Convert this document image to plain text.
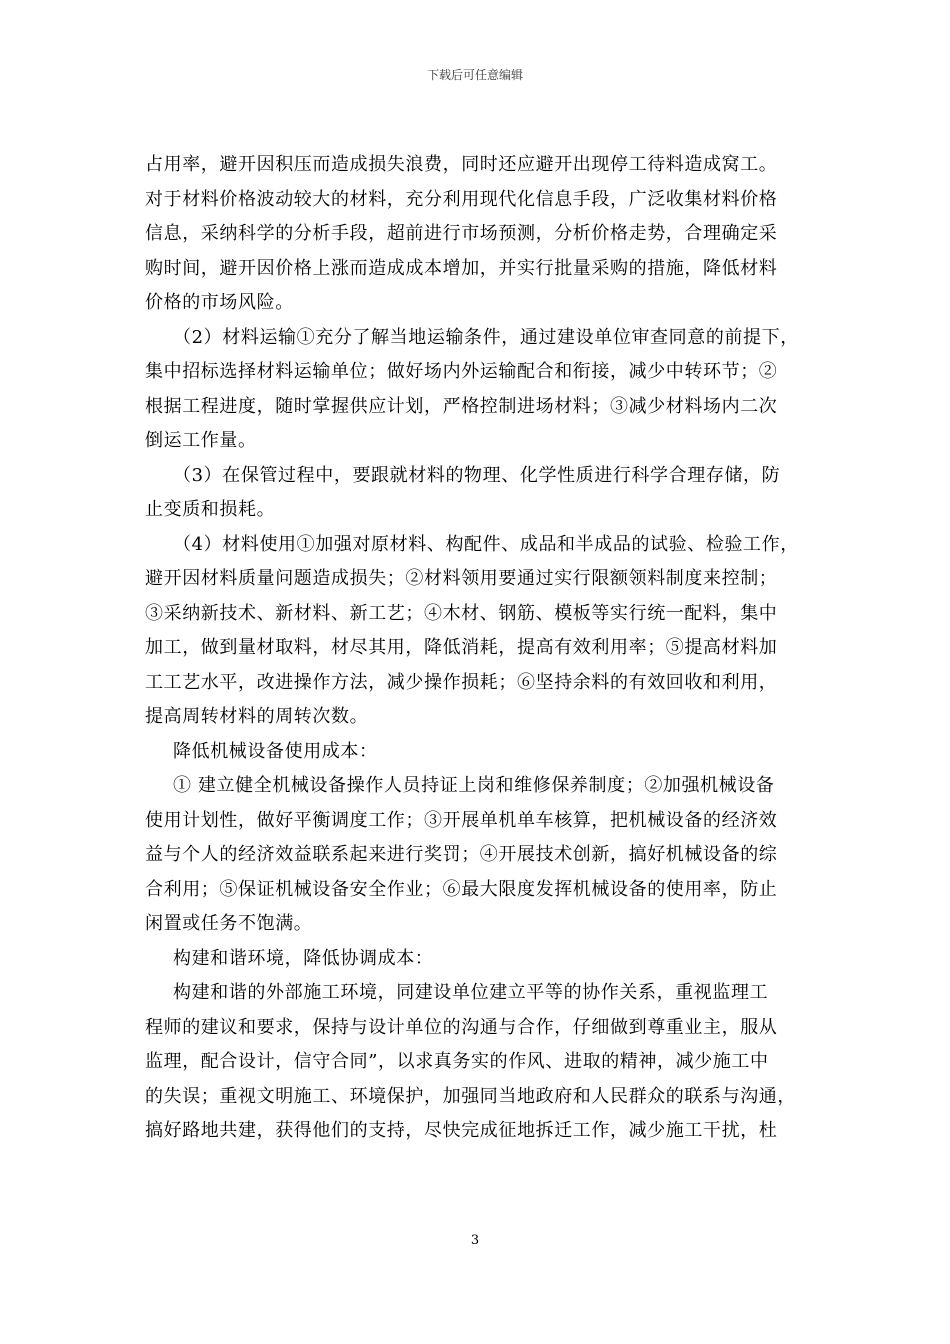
下载后可任意编辑
占用率，避开因积压而造成损失浪费，同时还应避开出现停工待料造成窝工。
对于材料价格波动较大的材料，充分利用现代化信息手段，广泛收集材料价格
信息，采纳科学的分析手段，超前进行市场预测，分析价格走势，合理确定采
购时间，避开因价格上涨而造成成本增加，并实行批量采购的措施，降低材料
价格的市场风险。
（2）材料运输①充分了解当地运输条件，通过建设单位审查同意的前提下，
集中招标选择材料运输单位；做好场内外运输配合和衔接，减少中转环节；②
根据工程进度，随时掌握供应计划，严格控制进场材料；③减少材料场内二次
倒运工作量。
（3）在保管过程中，要跟就材料的物理、化学性质进行科学合理存储，防
止变质和损耗。
（4）材料使用①加强对原材料、构配件、成品和半成品的试验、检验工作，
避开因材料质量问题造成损失；②材料领用要通过实行限额领料制度来控制；
③采纳新技术、新材料、新工艺；④木材、钢筋、模板等实行统一配料，集中
加工，做到量材取料，材尽其用，降低消耗，提高有效利用率；⑤提高材料加
工工艺水平，改进操作方法，减少操作损耗；⑥坚持余料的有效回收和利用，
提高周转材料的周转次数。
降低机械设备使用成本：
① 建立健全机械设备操作人员持证上岗和维修保养制度；②加强机械设备
使用计划性，做好平衡调度工作；③开展单机单车核算，把机械设备的经济效
益与个人的经济效益联系起来进行奖罚；④开展技术创新，搞好机械设备的综
合利用；⑤保证机械设备安全作业；⑥最大限度发挥机械设备的使用率，防止
闲置或任务不饱满。
构建和谐环境，降低协调成本：
构建和谐的外部施工环境，同建设单位建立平等的协作关系，重视监理工
程师的建议和要求，保持与设计单位的沟通与合作，仔细做到尊重业主，服从
监理，配合设计，信守合同”，以求真务实的作风、进取的精神，减少施工中
的失误；重视文明施工、环境保护，加强同当地政府和人民群众的联系与沟通，
搞好路地共建，获得他们的支持，尽快完成征地拆迁工作，减少施工干扰，杜
3
